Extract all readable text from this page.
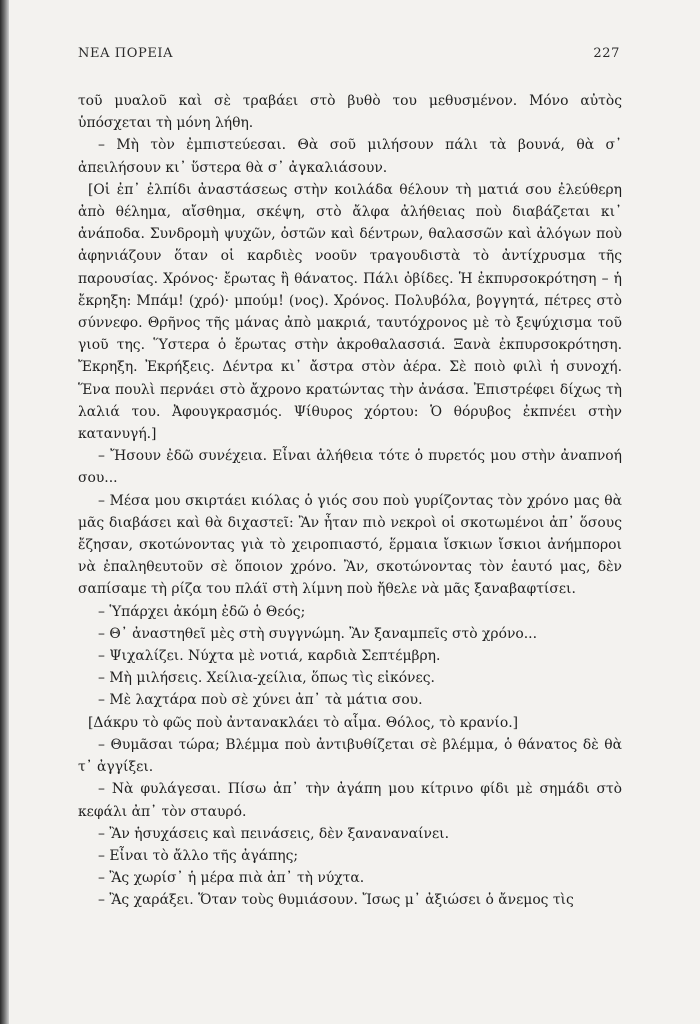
ΝΕΑ ΠΟΡΕΙΑ	227

τοῦ μυαλοῦ καὶ σὲ τραβάει στὸ βυθὸ του μεθυσμένον. Μόνο αὐτὸς ὑπόσχεται τὴ μόνη λήθη.

– Μὴ τὸν ἐμπιστεύεσαι. Θὰ σοῦ μιλήσουν πάλι τὰ βουνά, θὰ σ᾿ ἀπειλήσουν κι᾿ ὕστερα θὰ σ᾿ ἀγκαλιάσουν.

[Οἱ ἐπ᾿ ἐλπίδι ἀναστάσεως στὴν κοιλάδα θέλουν τὴ ματιά σου ἐλεύθερη ἀπὸ θέλημα, αἴσθημα, σκέψη, στὸ ἄλφα ἀλήθειας ποὺ διαβάζεται κι᾿ ἀνάποδα. Συνδρομὴ ψυχῶν, ὀστῶν καὶ δέντρων, θαλασσῶν καὶ ἀλόγων ποὺ ἀφηνιάζουν ὅταν οἱ καρδιὲς νοοῦν τραγουδιστὰ τὸ ἀντίχρυσμα τῆς παρουσίας. Χρόνος· ἔρωτας ἢ θάνατος. Πάλι ὀβίδες. Ἡ ἐκπυρσοκρότηση – ἡ ἔκρηξη: Μπάμ! (χρό)· μπούμ! (νος). Χρόνος. Πολυβόλα, βογγητά, πέτρες στὸ σύννεφο. Θρῆνος τῆς μάνας ἀπὸ μακριά, ταυτόχρονος μὲ τὸ ξεψύχισμα τοῦ γιοῦ της. Ὕστερα ὁ ἔρωτας στὴν ἀκροθαλασσιά. Ξανὰ ἐκπυρσοκρότηση. Ἔκρηξη. Ἐκρήξεις. Δέντρα κι᾿ ἄστρα στὸν ἀέρα. Σὲ ποιὸ φιλὶ ἡ συνοχή. Ἕνα πουλὶ περνάει στὸ ἄχρονο κρατώντας τὴν ἀνάσα. Ἐπιστρέφει δίχως τὴ λαλιά του. Ἀφουγκρασμός. Ψίθυρος χόρτου: Ὁ θόρυβος ἐκπνέει στὴν κατανυγή.]

– Ἤσουν ἐδῶ συνέχεια. Εἶναι ἀλήθεια τότε ὁ πυρετός μου στὴν ἀναπνοή σου...

– Μέσα μου σκιρτάει κιόλας ὁ γιός σου ποὺ γυρίζοντας τὸν χρόνο μας θὰ μᾶς διαβάσει καὶ θὰ διχαστεῖ: Ἂν ἦταν πιὸ νεκροὶ οἱ σκοτωμένοι ἀπ᾿ ὅσους ἔζησαν, σκοτώνοντας γιὰ τὸ χειροπιαστό, ἕρμαια ἴσκιων ἴσκιοι ἀνήμποροι νὰ ἐπαληθευτοῦν σὲ ὅποιον χρόνο. Ἂν, σκοτώνοντας τὸν ἑαυτό μας, δὲν σαπίσαμε τὴ ρίζα του πλάϊ στὴ λίμνη ποὺ ἤθελε νὰ μᾶς ξαναβαφτίσει.

– Ὑπάρχει ἀκόμη ἐδῶ ὁ Θεός;

– Θ᾿ ἀναστηθεῖ μὲς στὴ συγγνώμη. Ἂν ξαναμπεῖς στὸ χρόνο...

– Ψιχαλίζει. Νύχτα μὲ νοτιά, καρδιὰ Σεπτέμβρη.

– Μὴ μιλήσεις. Χείλια-χείλια, ὅπως τὶς εἰκόνες.

– Μὲ λαχτάρα ποὺ σὲ χύνει ἀπ᾿ τὰ μάτια σου.

[Δάκρυ τὸ φῶς ποὺ ἀντανακλάει τὸ αἷμα. Θόλος, τὸ κρανίο.]

– Θυμᾶσαι τώρα; Βλέμμα ποὺ ἀντιβυθίζεται σὲ βλέμμα, ὁ θάνατος δὲ θὰ τ᾿ ἀγγίξει.

– Νὰ φυλάγεσαι. Πίσω ἀπ᾿ τὴν ἀγάπη μου κίτρινο φίδι μὲ σημάδι στὸ κεφάλι ἀπ᾿ τὸν σταυρό.

– Ἂν ἡσυχάσεις καὶ πεινάσεις, δὲν ξαναναναίνει.

– Εἶναι τὸ ἄλλο τῆς ἀγάπης;

– Ἂς χωρίσ᾿ ἡ μέρα πιὰ ἀπ᾿ τὴ νύχτα.

– Ἂς χαράξει. Ὅταν τοὺς θυμιάσουν. Ἴσως μ᾿ ἀξιώσει ὁ ἄνεμος τὶς
